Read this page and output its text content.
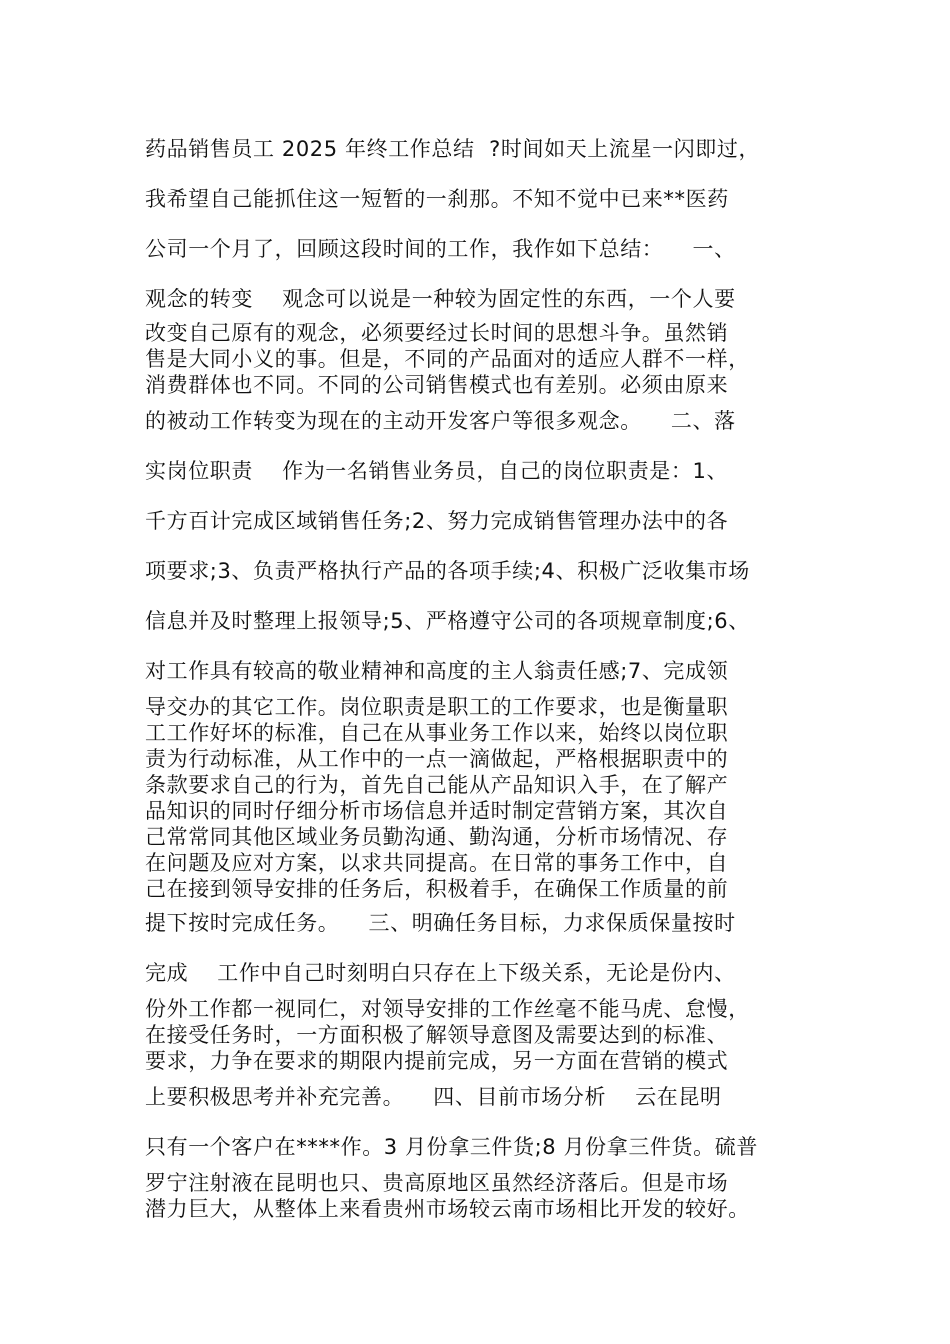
药品销售员工 2025 年终工作总结  ?时间如天上流星一闪即过，
我希望自己能抓住这一短暂的一刹那。不知不觉中已来**医药
公司一个月了，回顾这段时间的工作，我作如下总结：    一、
观念的转变    观念可以说是一种较为固定性的东西，一个人要
改变自己原有的观念，必须要经过长时间的思想斗争。虽然销
售是大同小义的事。但是，不同的产品面对的适应人群不一样，
消费群体也不同。不同的公司销售模式也有差别。必须由原来
的被动工作转变为现在的主动开发客户等很多观念。    二、落
实岗位职责    作为一名销售业务员，自己的岗位职责是：1、
千方百计完成区域销售任务;2、努力完成销售管理办法中的各
项要求;3、负责严格执行产品的各项手续;4、积极广泛收集市场
信息并及时整理上报领导;5、严格遵守公司的各项规章制度;6、
对工作具有较高的敬业精神和高度的主人翁责任感;7、完成领
导交办的其它工作。岗位职责是职工的工作要求，也是衡量职
工工作好坏的标准，自己在从事业务工作以来，始终以岗位职
责为行动标准，从工作中的一点一滴做起，严格根据职责中的
条款要求自己的行为，首先自己能从产品知识入手，在了解产
品知识的同时仔细分析市场信息并适时制定营销方案，其次自
己常常同其他区域业务员勤沟通、勤沟通，分析市场情况、存
在问题及应对方案，以求共同提高。在日常的事务工作中，自
己在接到领导安排的任务后，积极着手，在确保工作质量的前
提下按时完成任务。    三、明确任务目标，力求保质保量按时
完成    工作中自己时刻明白只存在上下级关系，无论是份内、
份外工作都一视同仁，对领导安排的工作丝毫不能马虎、怠慢，
在接受任务时，一方面积极了解领导意图及需要达到的标准、
要求，力争在要求的期限内提前完成，另一方面在营销的模式
上要积极思考并补充完善。    四、目前市场分析    云在昆明
只有一个客户在****作。3 月份拿三件货;8 月份拿三件货。硫普
罗宁注射液在昆明也只、贵高原地区虽然经济落后。但是市场
潜力巨大，从整体上来看贵州市场较云南市场相比开发的较好。
